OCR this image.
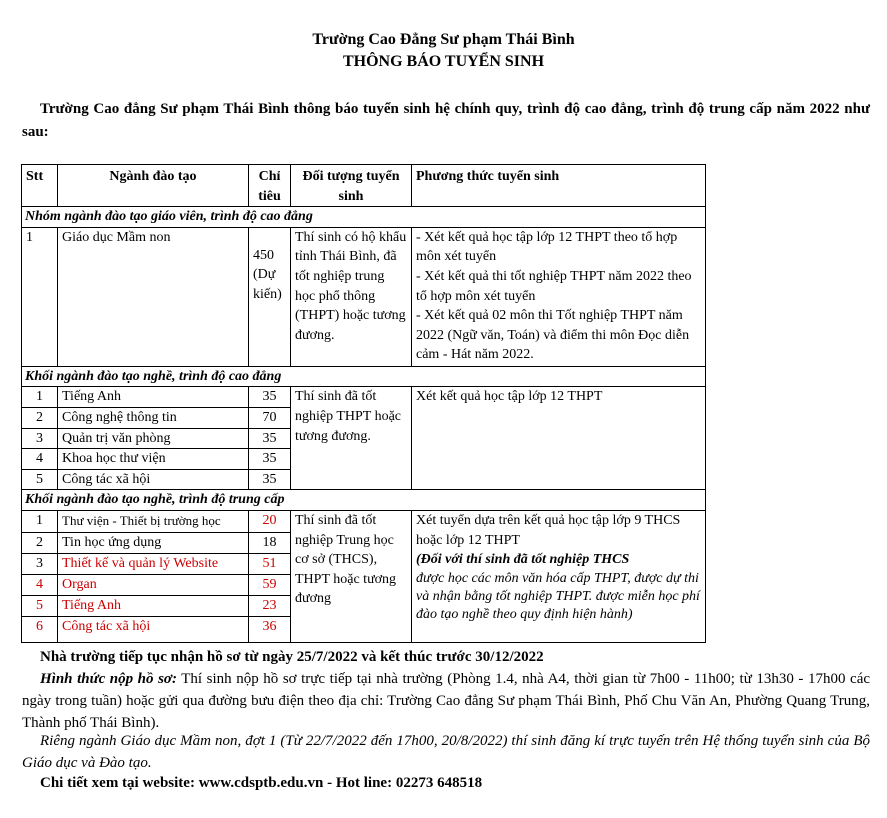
Trường Cao Đẳng Sư phạm Thái Bình
THÔNG BÁO TUYỂN SINH

Trường Cao đẳng Sư phạm Thái Bình thông báo tuyển sinh hệ chính quy, trình độ cao đẳng, trình độ trung cấp năm 2022 như sau:

Stt	Ngành đào tạo	Chỉ tiêu	Đối tượng tuyển sinh	Phương thức tuyển sinh
Nhóm ngành đào tạo giáo viên, trình độ cao đẳng				
1	Giáo dục Mầm non	450 (Dự kiến)	Thí sinh có hộ khẩu tỉnh Thái Bình, đã tốt nghiệp trung học phổ thông (THPT) hoặc tương đương.	- Xét kết quả học tập lớp 12 THPT theo tổ hợp môn xét tuyển
- Xét kết quả thi tốt nghiệp THPT năm 2022 theo tổ hợp môn xét tuyển
- Xét kết quả 02 môn thi Tốt nghiệp THPT năm 2022 (Ngữ văn, Toán) và điểm thi môn Đọc diễn cảm - Hát năm 2022.

Khối ngành đào tạo nghề, trình độ cao đẳng				
1	Tiếng Anh	35	Thí sinh đã tốt nghiệp THPT hoặc tương đương.	Xét kết quả học tập lớp 12 THPT
2	Công nghệ thông tin	70		
3	Quản trị văn phòng	35		
4	Khoa học thư viện	35		
5	Công tác xã hội	35		
Khối ngành đào tạo nghề, trình độ trung cấp				
1	Thư viện - Thiết bị trường học	20	Thí sinh đã tốt nghiệp Trung học cơ sở (THCS), THPT hoặc tương đương	Xét tuyển dựa trên kết quả học tập lớp 9 THCS hoặc lớp 12 THPT
(Đối với thí sinh đã tốt nghiệp THCS
được học các môn văn hóa cấp THPT, được dự thi và nhận bằng tốt nghiệp THPT. được miễn học phí đào tạo nghề theo quy định hiện hành)

2	Tin học ứng dụng	18		
3	Thiết kế và quản lý Website	51		
4	Organ	59		
5	Tiếng Anh	23		
6	Công tác xã hội	36		

Nhà trường tiếp tục nhận hồ sơ từ ngày 25/7/2022 và kết thúc trước 30/12/2022

Hình thức nộp hồ sơ: Thí sinh nộp hồ sơ trực tiếp tại nhà trường (Phòng 1.4, nhà A4, thời gian từ 7h00 - 11h00; từ 13h30 - 17h00 các ngày trong tuần) hoặc gửi qua đường bưu điện theo địa chỉ: Trường Cao đẳng Sư phạm Thái Bình, Phố Chu Văn An, Phường Quang Trung, Thành phố Thái Bình).

Riêng ngành Giáo dục Mầm non, đợt 1 (Từ 22/7/2022 đến 17h00, 20/8/2022) thí sinh đăng kí trực tuyến trên Hệ thống tuyển sinh của Bộ Giáo dục và Đào tạo.

Chi tiết xem tại website: www.cdsptb.edu.vn - Hot line: 02273 648518
